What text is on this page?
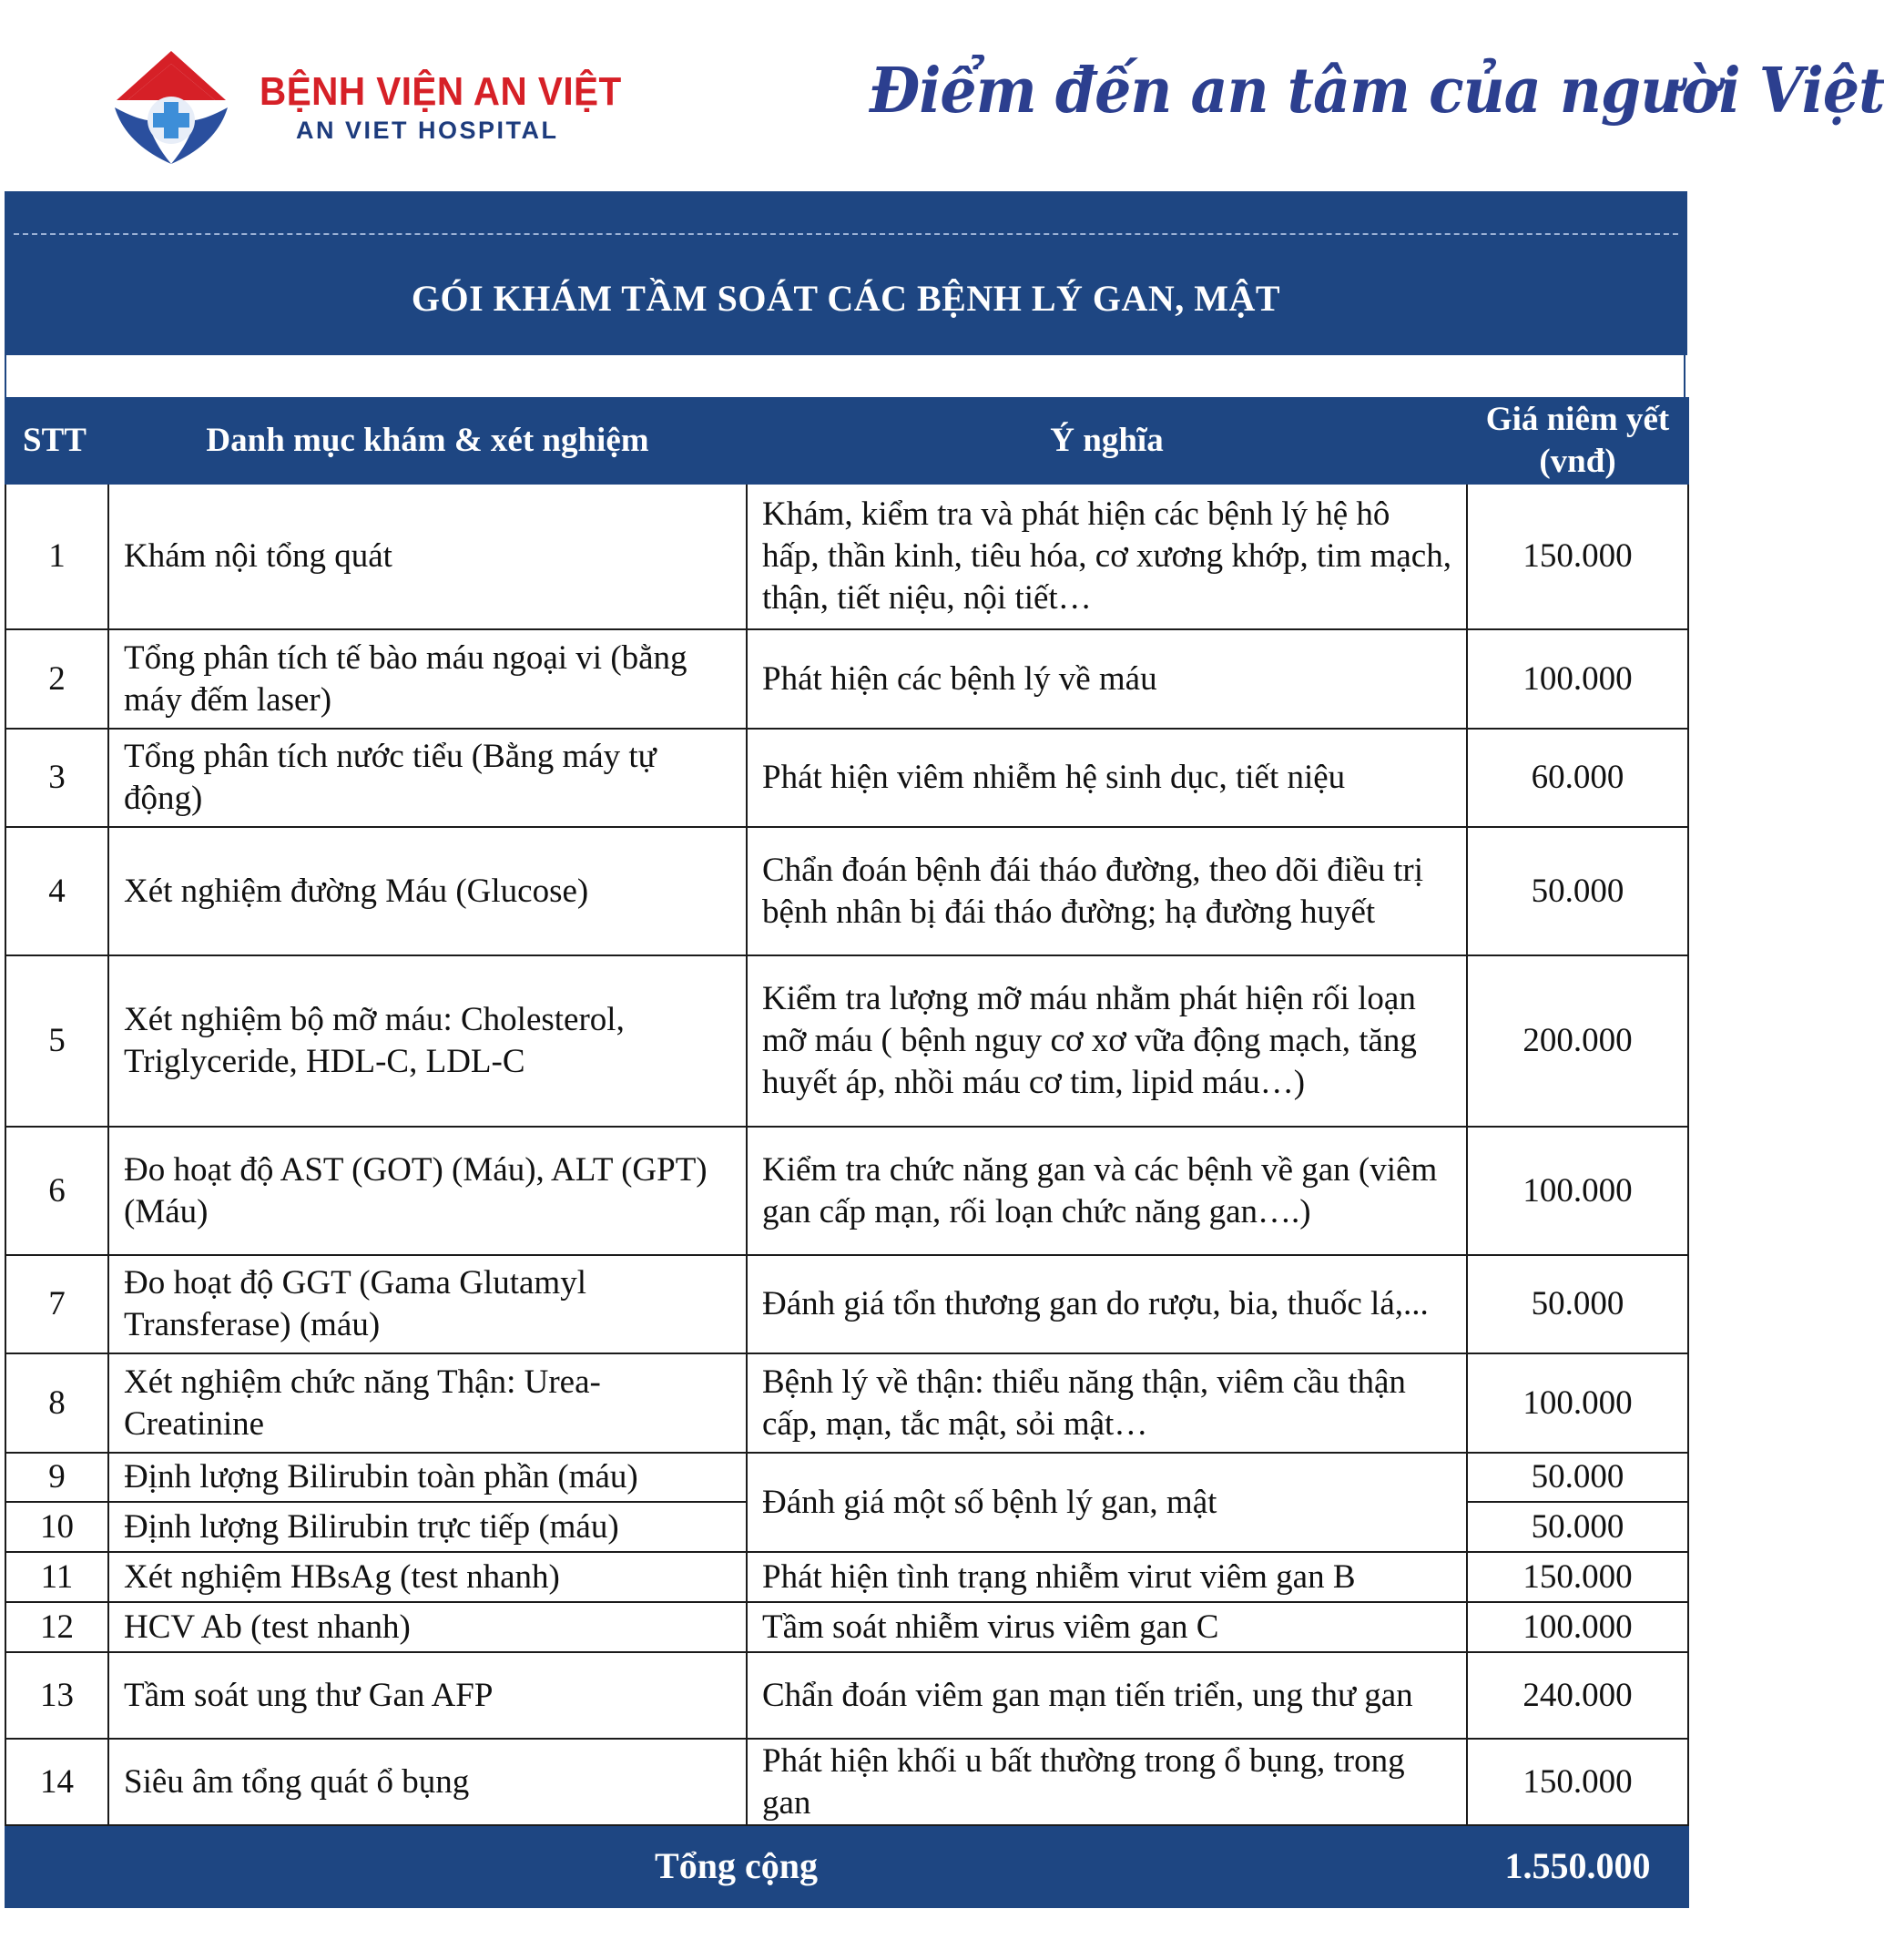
BỆNH VIỆN AN VIỆT
AN VIET HOSPITAL
Điểm đến an tâm của người Việt
GÓI KHÁM TẦM SOÁT CÁC BỆNH LÝ GAN, MẬT
STT	Danh mục khám & xét nghiệm	Ý nghĩa	Giá niêm yết (vnđ)
1	Khám nội tổng quát	Khám, kiểm tra và phát hiện các bệnh lý hệ hô hấp, thần kinh, tiêu hóa, cơ xương khớp, tim mạch, thận, tiết niệu, nội tiết…	150.000
2	Tổng phân tích tế bào máu ngoại vi (bằng máy đếm laser)	Phát hiện các bệnh lý về máu	100.000
3	Tổng phân tích nước tiểu (Bằng máy tự động)	Phát hiện viêm nhiễm hệ sinh dục, tiết niệu	60.000
4	Xét nghiệm đường Máu (Glucose)	Chẩn đoán bệnh đái tháo đường, theo dõi điều trị bệnh nhân bị đái tháo đường; hạ đường huyết	50.000
5	Xét nghiệm bộ mỡ máu: Cholesterol, Triglyceride, HDL-C, LDL-C	Kiểm tra lượng mỡ máu nhằm phát hiện rối loạn mỡ máu ( bệnh nguy cơ xơ vữa động mạch, tăng huyết áp, nhồi máu cơ tim, lipid máu…)	200.000
6	Đo hoạt độ AST (GOT) (Máu), ALT (GPT) (Máu)	Kiểm tra chức năng gan và các bệnh về gan (viêm gan cấp mạn, rối loạn chức năng gan….)	100.000
7	Đo hoạt độ GGT (Gama Glutamyl Transferase) (máu)	Đánh giá tổn thương gan do rượu, bia, thuốc lá,...	50.000
8	Xét nghiệm chức năng Thận: Urea-Creatinine	Bệnh lý về thận: thiểu năng thận, viêm cầu thận cấp, mạn, tắc mật, sỏi mật…	100.000
9	Định lượng Bilirubin toàn phần (máu)	Đánh giá một số bệnh lý gan, mật	50.000
10	Định lượng Bilirubin trực tiếp (máu)		50.000
11	Xét nghiệm HBsAg (test nhanh)	Phát hiện tình trạng nhiễm virut viêm gan B	150.000
12	HCV Ab (test nhanh)	Tầm soát nhiễm virus viêm gan C	100.000
13	Tầm soát ung thư Gan AFP	Chẩn đoán viêm gan mạn tiến triển, ung thư gan	240.000
14	Siêu âm tổng quát ổ bụng	Phát hiện khối u bất thường trong ổ bụng, trong gan	150.000
Tổng cộng			1.550.000
